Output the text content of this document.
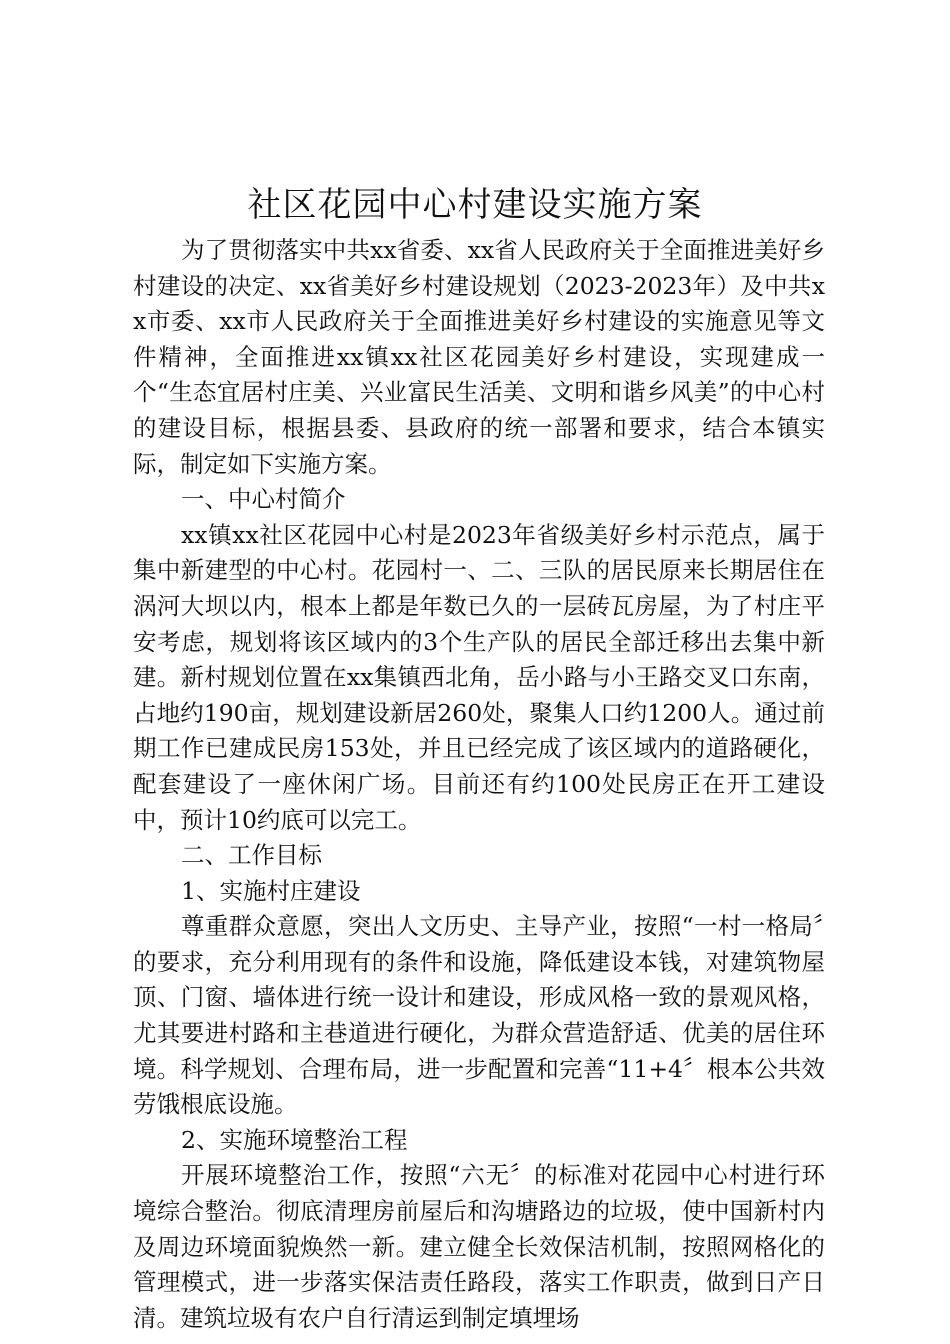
社区花园中心村建设实施方案

为了贯彻落实中共xx省委、xx省人民政府关于全面推进美好乡村建设的决定、xx省美好乡村建设规划（2023-2023年）及中共xx市委、xx市人民政府关于全面推进美好乡村建设的实施意见等文件精神，全面推进xx镇xx社区花园美好乡村建设，实现建成一个“生态宜居村庄美、兴业富民生活美、文明和谐乡风美”的中心村的建设目标，根据县委、县政府的统一部署和要求，结合本镇实际，制定如下实施方案。

一、中心村简介

xx镇xx社区花园中心村是2023年省级美好乡村示范点，属于集中新建型的中心村。花园村一、二、三队的居民原来长期居住在涡河大坝以内，根本上都是年数已久的一层砖瓦房屋，为了村庄平安考虑，规划将该区域内的3个生产队的居民全部迁移出去集中新建。新村规划位置在xx集镇西北角，岳小路与小王路交叉口东南，占地约190亩，规划建设新居260处，聚集人口约1200人。通过前期工作已建成民房153处，并且已经完成了该区域内的道路硬化，配套建设了一座休闲广场。目前还有约100处民房正在开工建设中，预计10约底可以完工。

二、工作目标

1、实施村庄建设

尊重群众意愿，突出人文历史、主导产业，按照“一村一格局〞的要求，充分利用现有的条件和设施，降低建设本钱，对建筑物屋顶、门窗、墙体进行统一设计和建设，形成风格一致的景观风格，尤其要进村路和主巷道进行硬化，为群众营造舒适、优美的居住环境。科学规划、合理布局，进一步配置和完善“11+4〞根本公共效劳饿根底设施。

2、实施环境整治工程

开展环境整治工作，按照“六无〞的标准对花园中心村进行环境综合整治。彻底清理房前屋后和沟塘路边的垃圾，使中国新村内及周边环境面貌焕然一新。建立健全长效保洁机制，按照网格化的管理模式，进一步落实保洁责任路段，落实工作职责，做到日产日清。建筑垃圾有农户自行清运到制定填埋场
